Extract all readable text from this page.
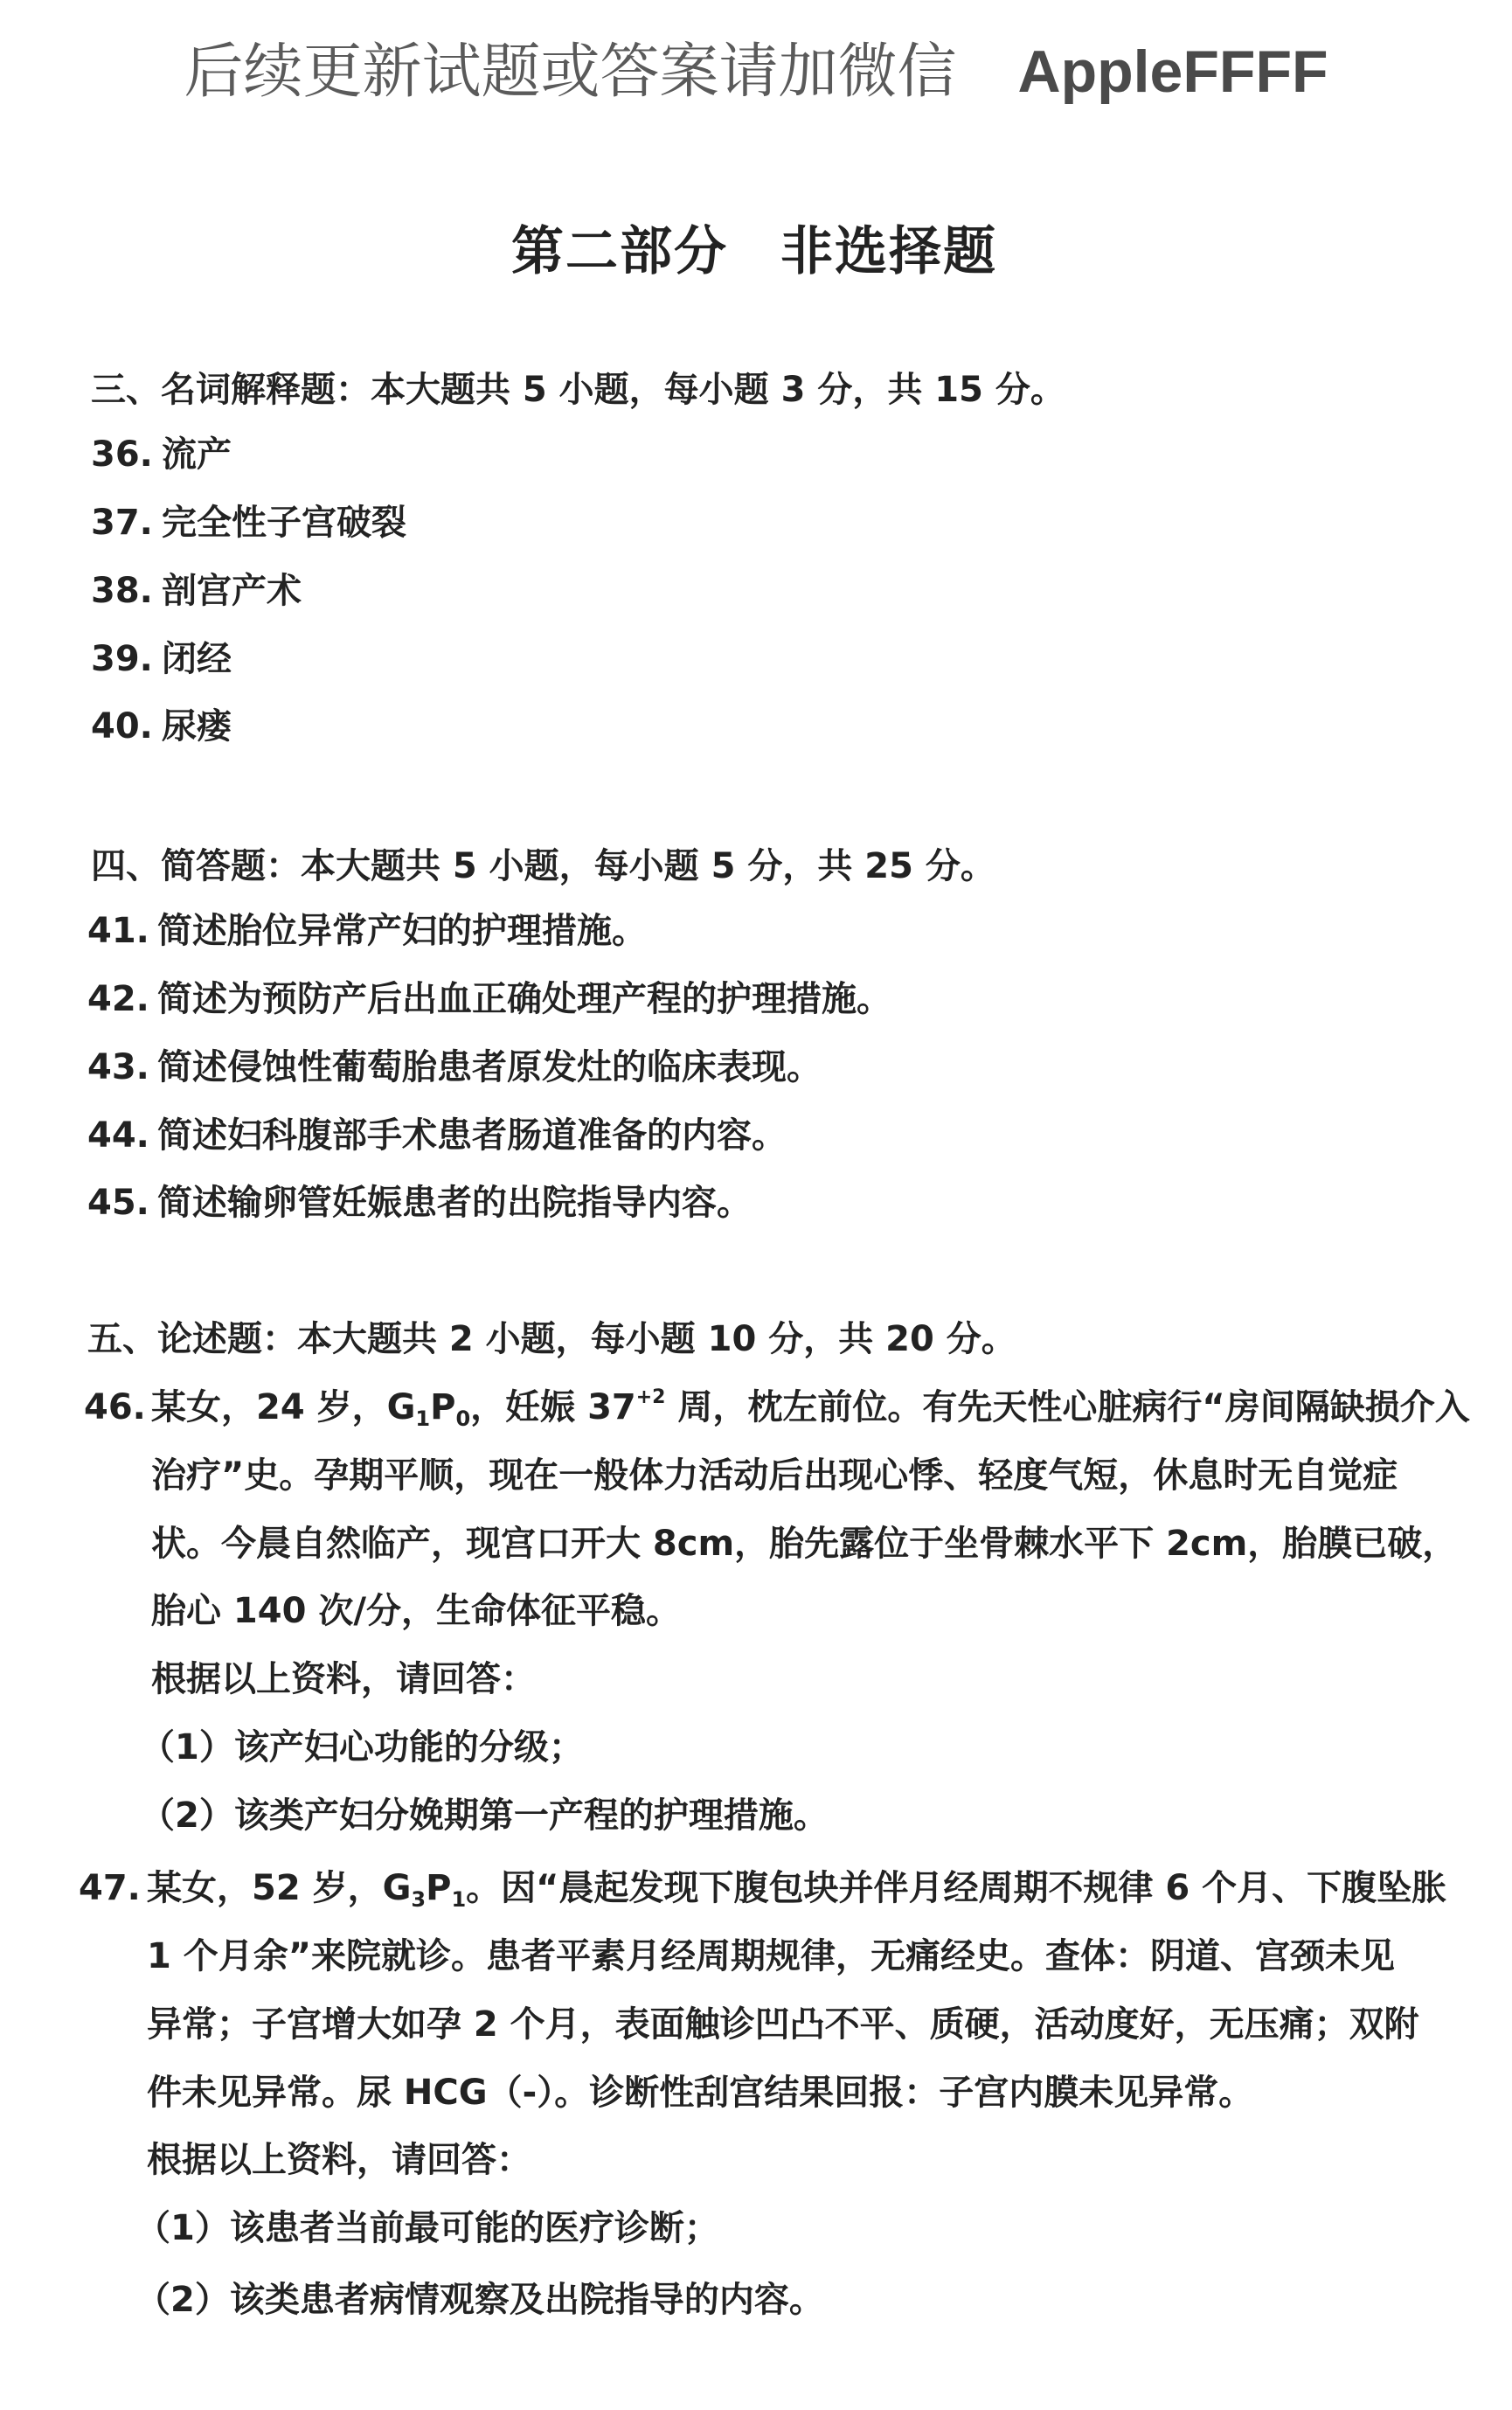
后续更新试题或答案请加微信 AppleFFFF
第二部分 非选择题
三、名词解释题：本大题共 5 小题，每小题 3 分，共 15 分。
36. 流产
37. 完全性子宫破裂
38. 剖宫产术
39. 闭经
40. 尿瘘
四、简答题：本大题共 5 小题，每小题 5 分，共 25 分。
41. 简述胎位异常产妇的护理措施。
42. 简述为预防产后出血正确处理产程的护理措施。
43. 简述侵蚀性葡萄胎患者原发灶的临床表现。
44. 简述妇科腹部手术患者肠道准备的内容。
45. 简述输卵管妊娠患者的出院指导内容。
五、论述题：本大题共 2 小题，每小题 10 分，共 20 分。
46. 某女，24 岁，$G_1P_0$，妊娠 $37^{+2}$ 周，枕左前位。有先天性心脏病行“房间隔缺损介入
治疗”史。孕期平顺，现在一般体力活动后出现心悸、轻度气短，休息时无自觉症
状。今晨自然临产，现宫口开大 8cm，胎先露位于坐骨棘水平下 2cm，胎膜已破，
胎心 140 次/分，生命体征平稳。
根据以上资料，请回答：
（1）该产妇心功能的分级；
（2）该类产妇分娩期第一产程的护理措施。
47. 某女，52 岁，$G_3P_1$。因“晨起发现下腹包块并伴月经周期不规律 6 个月、下腹坠胀
1 个月余”来院就诊。患者平素月经周期规律，无痛经史。查体：阴道、宫颈未见
异常；子宫增大如孕 2 个月，表面触诊凹凸不平、质硬，活动度好，无压痛；双附
件未见异常。尿 HCG（-）。诊断性刮宫结果回报：子宫内膜未见异常。
根据以上资料，请回答：
（1）该患者当前最可能的医疗诊断；
（2）该类患者病情观察及出院指导的内容。
